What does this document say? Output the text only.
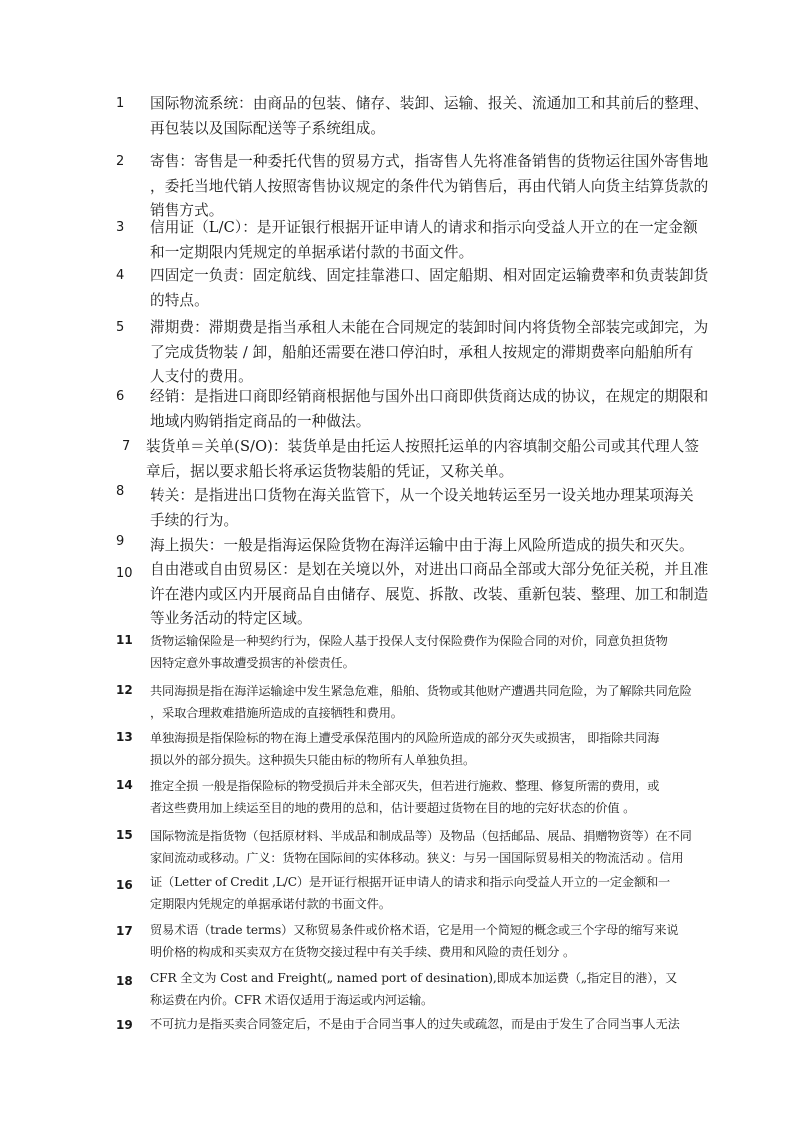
1	国际物流系统：由商品的包装、储存、装卸、运输、报关、流通加工和其前后的整理、
再包装以及国际配送等子系统组成。
2	寄售：寄售是一种委托代售的贸易方式，指寄售人先将准备销售的货物运往国外寄售地
，委托当地代销人按照寄售协议规定的条件代为销售后，再由代销人向货主结算货款的
销售方式。
3	信用证（L/C）：是开证银行根据开证申请人的请求和指示向受益人开立的在一定金额
和一定期限内凭规定的单据承诺付款的书面文件。
4	四固定一负责：固定航线、固定挂靠港口、固定船期、相对固定运输费率和负责装卸货
的特点。
5	滞期费：滞期费是指当承租人未能在合同规定的装卸时间内将货物全部装完或卸完，为
了完成货物装 / 卸，船舶还需要在港口停泊时，承租人按规定的滞期费率向船舶所有
人支付的费用。
6	经销：是指进口商即经销商根据他与国外出口商即供货商达成的协议，在规定的期限和
地域内购销指定商品的一种做法。
7	装货单＝关单(S/O)：装货单是由托运人按照托运单的内容填制交船公司或其代理人签
章后，据以要求船长将承运货物装船的凭证，又称关单。
8	转关：是指进出口货物在海关监管下，从一个设关地转运至另一设关地办理某项海关
手续的行为。
9	海上损失：一般是指海运保险货物在海洋运输中由于海上风险所造成的损失和灭失。
10	自由港或自由贸易区：是划在关境以外，对进出口商品全部或大部分免征关税，并且准
许在港内或区内开展商品自由储存、展览、拆散、改装、重新包装、整理、加工和制造
等业务活动的特定区域。
11	货物运输保险是一种契约行为，保险人基于投保人支付保险费作为保险合同的对价，同意负担货物
因特定意外事故遭受损害的补偿责任。
12	共同海损是指在海洋运输途中发生紧急危难，船舶、货物或其他财产遭遇共同危险，为了解除共同危险
，采取合理救难措施所造成的直接牺牲和费用。
13	单独海损是指保险标的物在海上遭受承保范围内的风险所造成的部分灭失或损害， 即指除共同海
损以外的部分损失。这种损失只能由标的物所有人单独负担。
14	推定全损 一般是指保险标的物受损后并未全部灭失，但若进行施救、整理、修复所需的费用，或
者这些费用加上续运至目的地的费用的总和，估计要超过货物在目的地的完好状态的价值 。
15	国际物流是指货物（包括原材料、半成品和制成品等）及物品（包括邮品、展品、捐赠物资等）在不同
家间流动或移动。广义：货物在国际间的实体移动。狭义：与另一国国际贸易相关的物流活动 。信用
16	证（Letter of Credit ,L/C）是开证行根据开证申请人的请求和指示向受益人开立的一定金额和一
定期限内凭规定的单据承诺付款的书面文件。
17	贸易术语（trade terms）又称贸易条件或价格术语，它是用一个简短的概念或三个字母的缩写来说
明价格的构成和买卖双方在货物交接过程中有关手续、费用和风险的责任划分 。
18	CFR 全文为 Cost and Freight(„ named port of desination),即成本加运费（„指定目的港），又
称运费在内价。CFR 术语仅适用于海运或内河运输。
19	不可抗力是指买卖合同签定后，不是由于合同当事人的过失或疏忽，而是由于发生了合同当事人无法
